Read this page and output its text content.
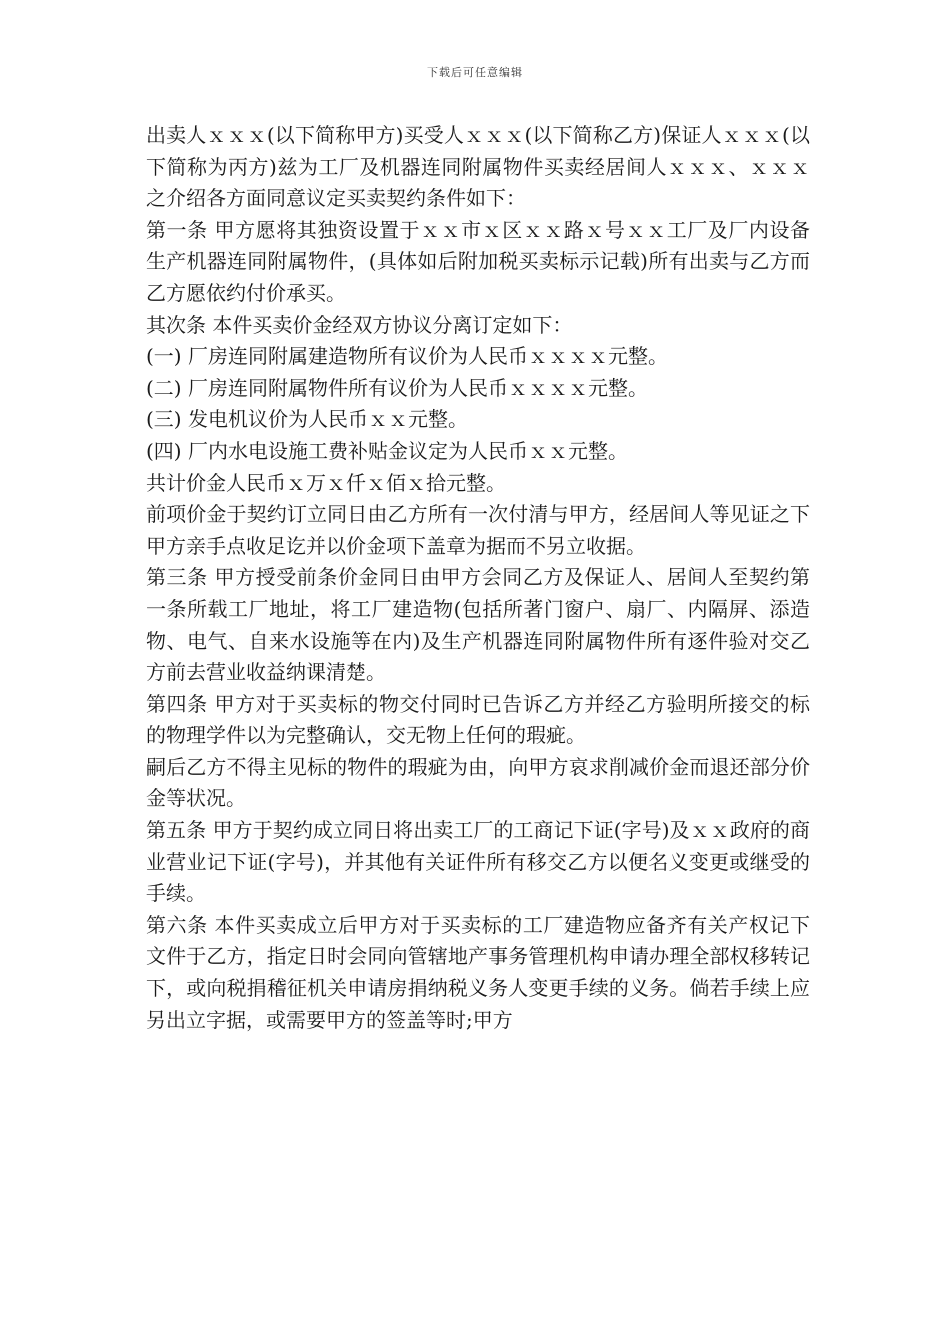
下载后可任意编辑

出卖人ｘｘｘ(以下简称甲方)买受人ｘｘｘ(以下简称乙方)保证人ｘｘｘ(以下简称为丙方)兹为工厂及机器连同附属物件买卖经居间人ｘｘｘ、ｘｘｘ之介绍各方面同意议定买卖契约条件如下：

第一条 甲方愿将其独资设置于ｘｘ市ｘ区ｘｘ路ｘ号ｘｘ工厂及厂内设备生产机器连同附属物件，(具体如后附加税买卖标示记载)所有出卖与乙方而乙方愿依约付价承买。

其次条 本件买卖价金经双方协议分离订定如下：

(一) 厂房连同附属建造物所有议价为人民币ｘｘｘｘ元整。

(二) 厂房连同附属物件所有议价为人民币ｘｘｘｘ元整。

(三) 发电机议价为人民币ｘｘ元整。

(四) 厂内水电设施工费补贴金议定为人民币ｘｘ元整。

共计价金人民币ｘ万ｘ仟ｘ佰ｘ拾元整。

前项价金于契约订立同日由乙方所有一次付清与甲方，经居间人等见证之下甲方亲手点收足讫并以价金项下盖章为据而不另立收据。

第三条 甲方授受前条价金同日由甲方会同乙方及保证人、居间人至契约第一条所载工厂地址，将工厂建造物(包括所著门窗户、扇厂、内隔屏、添造物、电气、自来水设施等在内)及生产机器连同附属物件所有逐件验对交乙方前去营业收益纳课清楚。

第四条 甲方对于买卖标的物交付同时已告诉乙方并经乙方验明所接交的标的物理学件以为完整确认，交无物上任何的瑕疵。

嗣后乙方不得主见标的物件的瑕疵为由，向甲方哀求削减价金而退还部分价金等状况。

第五条 甲方于契约成立同日将出卖工厂的工商记下证(字号)及ｘｘ政府的商业营业记下证(字号)，并其他有关证件所有移交乙方以便名义变更或继受的手续。

第六条 本件买卖成立后甲方对于买卖标的工厂建造物应备齐有关产权记下文件于乙方，指定日时会同向管辖地产事务管理机构申请办理全部权移转记下，或向税捐稽征机关申请房捐纳税义务人变更手续的义务。倘若手续上应另出立字据，或需要甲方的签盖等时;甲方
